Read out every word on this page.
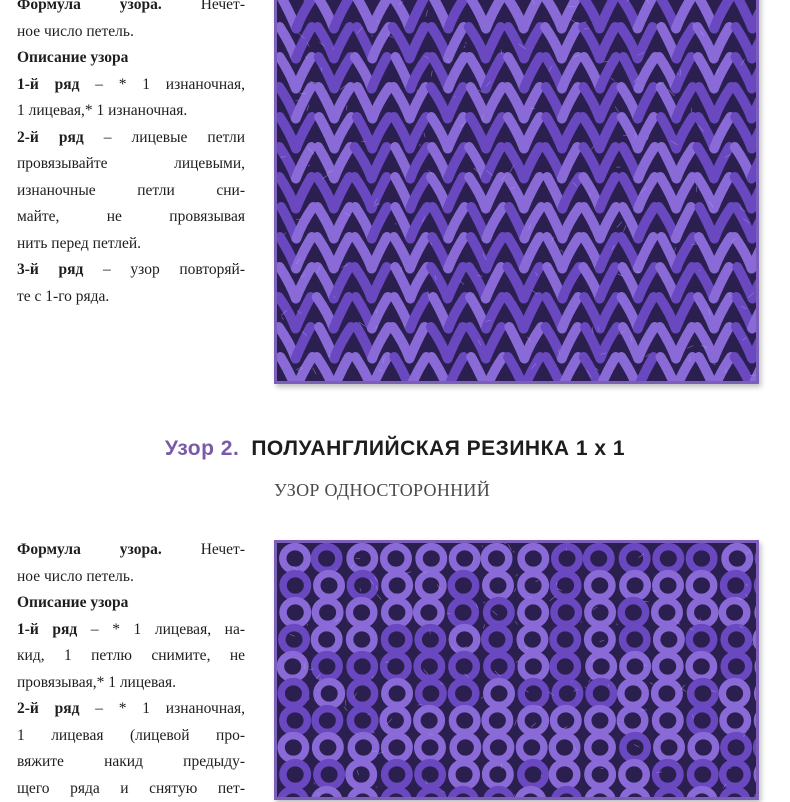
Формула узора. Нечет-

ное число петель.

Описание узора

1-й ряд – * 1 изнаночная,

1 лицевая,* 1 изнаночная.

2-й ряд – лицевые петли

провязывайте лицевыми,

изнаночные петли сни-

майте, не провязывая

нить перед петлей.

3-й ряд – узор повторяй-

те с 1-го ряда.

Узор 2. ПОЛУАНГЛИЙСКАЯ РЕЗИНКА 1 x 1
УЗОР ОДНОСТОРОННИЙ

Формула узора. Нечет-

ное число петель.

Описание узора

1-й ряд – * 1 лицевая, на-

кид, 1 петлю снимите, не

провязывая,* 1 лицевая.

2-й ряд – * 1 изнаночная,

1 лицевая (лицевой про-

вяжите накид предыду-

щего ряда и снятую пет-
